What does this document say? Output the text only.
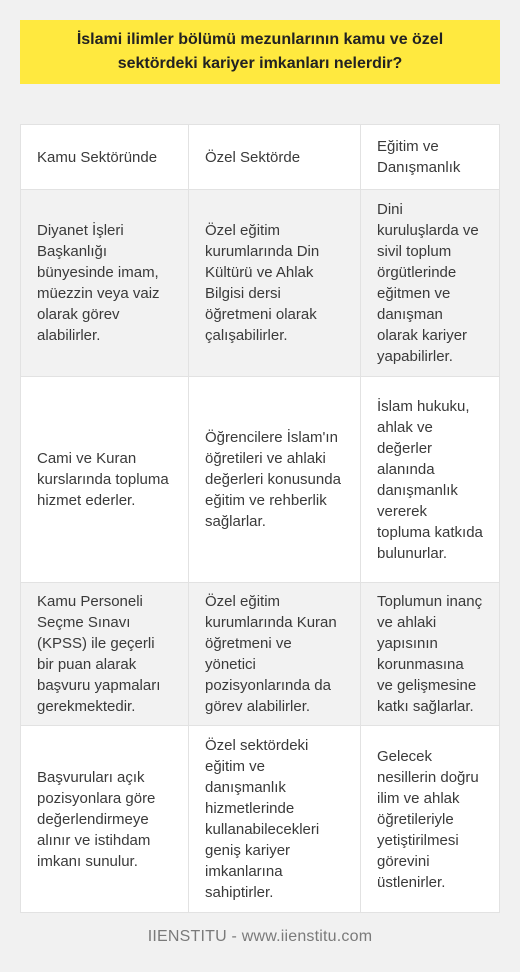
İslami ilimler bölümü mezunlarının kamu ve özel sektördeki kariyer imkanları nelerdir?
Kamu Sektöründe	Özel Sektörde
Eğitim ve Danışmanlık
Diyanet İşleri Başkanlığı bünyesinde imam, müezzin veya vaiz olarak görev alabilirler.
Özel eğitim kurumlarında Din Kültürü ve Ahlak Bilgisi dersi öğretmeni olarak çalışabilirler.
Dini kuruluşlarda ve sivil toplum örgütlerinde eğitmen ve danışman olarak kariyer yapabilirler.
Cami ve Kuran kurslarında topluma hizmet ederler.
Öğrencilere İslam'ın öğretileri ve ahlaki değerleri konusunda eğitim ve rehberlik sağlarlar.
İslam hukuku, ahlak ve değerler alanında danışmanlık vererek topluma katkıda bulunurlar.
Kamu Personeli Seçme Sınavı (KPSS) ile geçerli bir puan alarak başvuru yapmaları gerekmektedir.
Özel eğitim kurumlarında Kuran öğretmeni ve yönetici pozisyonlarında da görev alabilirler.
Toplumun inanç ve ahlaki yapısının korunmasına ve gelişmesine katkı sağlarlar.
Başvuruları açık pozisyonlara göre değerlendirmeye alınır ve istihdam imkanı sunulur.
Özel sektördeki eğitim ve danışmanlık hizmetlerinde kullanabilecekleri geniş kariyer imkanlarına sahiptirler.
Gelecek nesillerin doğru ilim ve ahlak öğretileriyle yetiştirilmesi görevini üstlenirler.
IIENSTITU - www.iienstitu.com
